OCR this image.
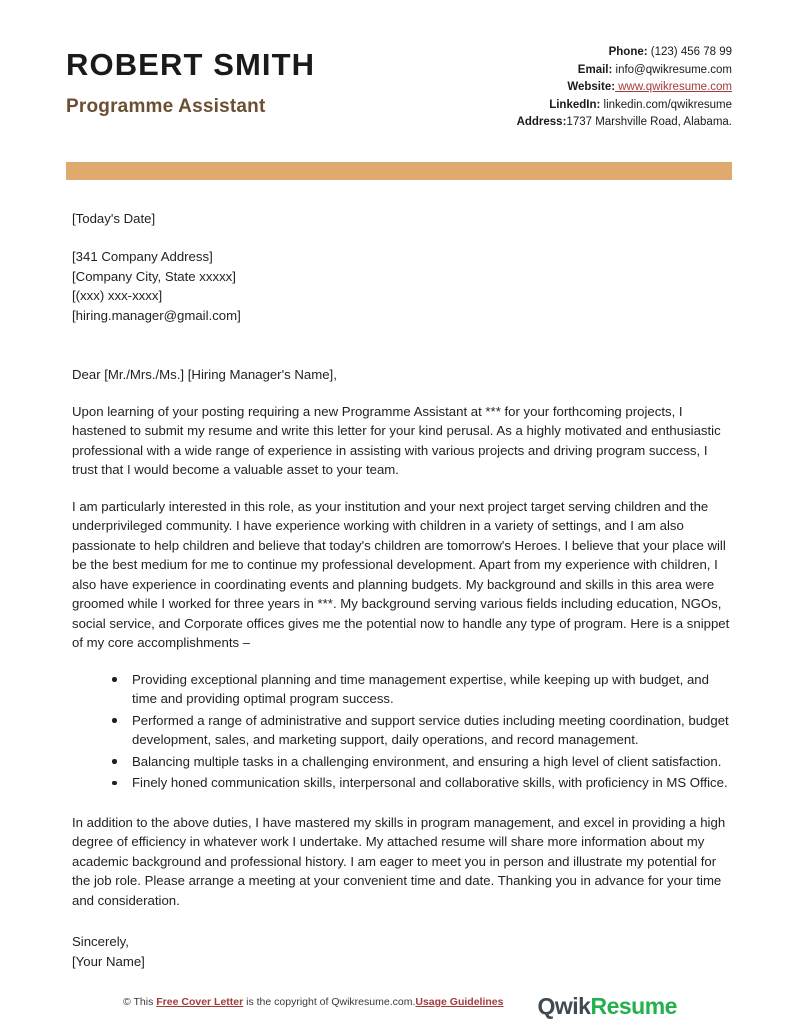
ROBERT SMITH
Programme Assistant
Phone: (123) 456 78 99
Email: info@qwikresume.com
Website: www.qwikresume.com
LinkedIn: linkedin.com/qwikresume
Address:1737 Marshville Road, Alabama.
[Today's Date]
[341 Company Address]
[Company City, State xxxxx]
[(xxx) xxx-xxxx]
[hiring.manager@gmail.com]
Dear [Mr./Mrs./Ms.] [Hiring Manager's Name],
Upon learning of your posting requiring a new Programme Assistant at *** for your forthcoming projects, I hastened to submit my resume and write this letter for your kind perusal. As a highly motivated and enthusiastic professional with a wide range of experience in assisting with various projects and driving program success, I trust that I would become a valuable asset to your team.
I am particularly interested in this role, as your institution and your next project target serving children and the underprivileged community. I have experience working with children in a variety of settings, and I am also passionate to help children and believe that today's children are tomorrow's Heroes. I believe that your place will be the best medium for me to continue my professional development. Apart from my experience with children, I also have experience in coordinating events and planning budgets. My background and skills in this area were groomed while I worked for three years in ***. My background serving various fields including education, NGOs, social service, and Corporate offices gives me the potential now to handle any type of program. Here is a snippet of my core accomplishments –
Providing exceptional planning and time management expertise, while keeping up with budget, and time and providing optimal program success.
Performed a range of administrative and support service duties including meeting coordination, budget development, sales, and marketing support, daily operations, and record management.
Balancing multiple tasks in a challenging environment, and ensuring a high level of client satisfaction.
Finely honed communication skills, interpersonal and collaborative skills, with proficiency in MS Office.
In addition to the above duties, I have mastered my skills in program management, and excel in providing a high degree of efficiency in whatever work I undertake. My attached resume will share more information about my academic background and professional history. I am eager to meet you in person and illustrate my potential for the job role. Please arrange a meeting at your convenient time and date. Thanking you in advance for your time and consideration.
Sincerely,
[Your Name]
© This Free Cover Letter is the copyright of Qwikresume.com.Usage Guidelines QwikResume
